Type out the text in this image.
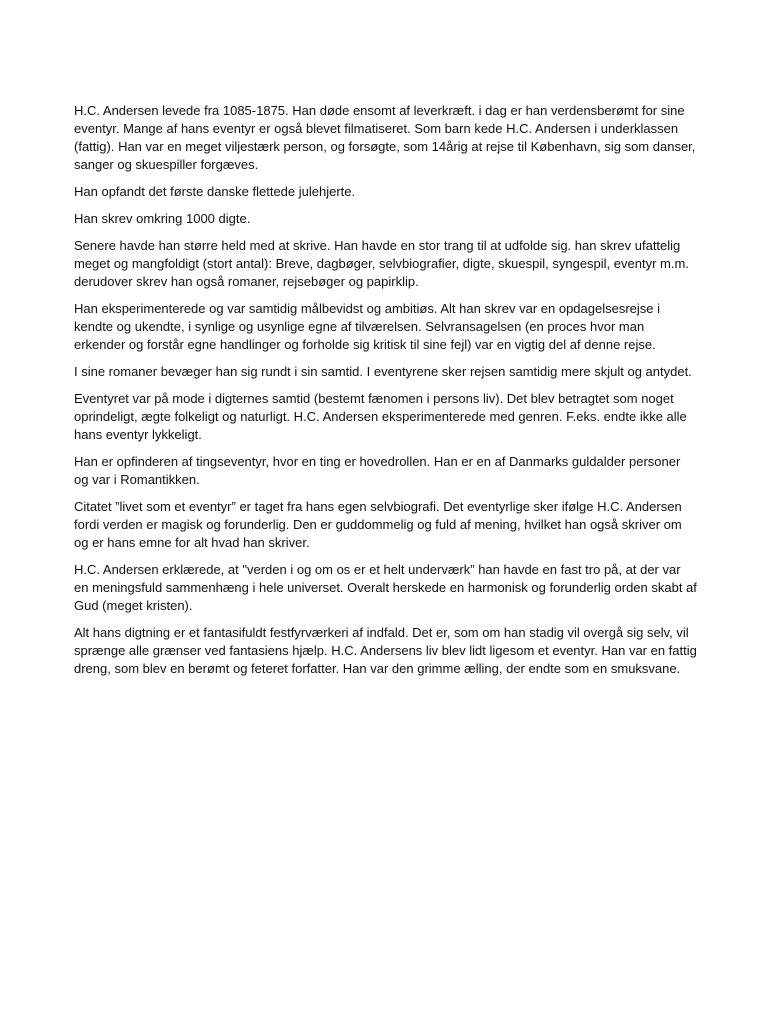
H.C. Andersen levede fra 1085-1875. Han døde ensomt af leverkræft. i dag er han verdensberømt for sine eventyr. Mange af hans eventyr er også blevet filmatiseret. Som barn kede H.C. Andersen i underklassen (fattig). Han var en meget viljestærk person, og forsøgte, som 14årig at rejse til København, sig som danser, sanger og skuespiller forgæves.

Han opfandt det første danske flettede julehjerte.

Han skrev omkring 1000 digte.

Senere havde han større held med at skrive. Han havde en stor trang til at udfolde sig. han skrev ufattelig meget og mangfoldigt (stort antal): Breve, dagbøger, selvbiografier, digte, skuespil, syngespil, eventyr m.m. derudover skrev han også romaner, rejsebøger og papirklip.

Han eksperimenterede og var samtidig målbevidst og ambitiøs. Alt han skrev var en opdagelsesrejse i kendte og ukendte, i synlige og usynlige egne af tilværelsen. Selvransagelsen (en proces hvor man erkender og forstår egne handlinger og forholde sig kritisk til sine fejl) var en vigtig del af denne rejse.

I sine romaner bevæger han sig rundt i sin samtid. I eventyrene sker rejsen samtidig mere skjult og antydet.

Eventyret var på mode i digternes samtid (bestemt fænomen i persons liv). Det blev betragtet som noget oprindeligt, ægte folkeligt og naturligt. H.C. Andersen eksperimenterede med genren. F.eks. endte ikke alle hans eventyr lykkeligt.

Han er opfinderen af tingseventyr, hvor en ting er hovedrollen. Han er en af Danmarks guldalder personer og var i Romantikken.

Citatet ”livet som et eventyr” er taget fra hans egen selvbiografi. Det eventyrlige sker ifølge H.C. Andersen fordi verden er magisk og forunderlig. Den er guddommelig og fuld af mening, hvilket han også skriver om og er hans emne for alt hvad han skriver.

H.C. Andersen erklærede, at "verden i og om os er et helt underværk” han havde en fast tro på, at der var en meningsfuld sammenhæng i hele universet. Overalt herskede en harmonisk og forunderlig orden skabt af Gud (meget kristen).

Alt hans digtning er et fantasifuldt festfyrværkeri af indfald. Det er, som om han stadig vil overgå sig selv, vil sprænge alle grænser ved fantasiens hjælp. H.C. Andersens liv blev lidt ligesom et eventyr. Han var en fattig dreng, som blev en berømt og feteret forfatter. Han var den grimme ælling, der endte som en smuksvane.
